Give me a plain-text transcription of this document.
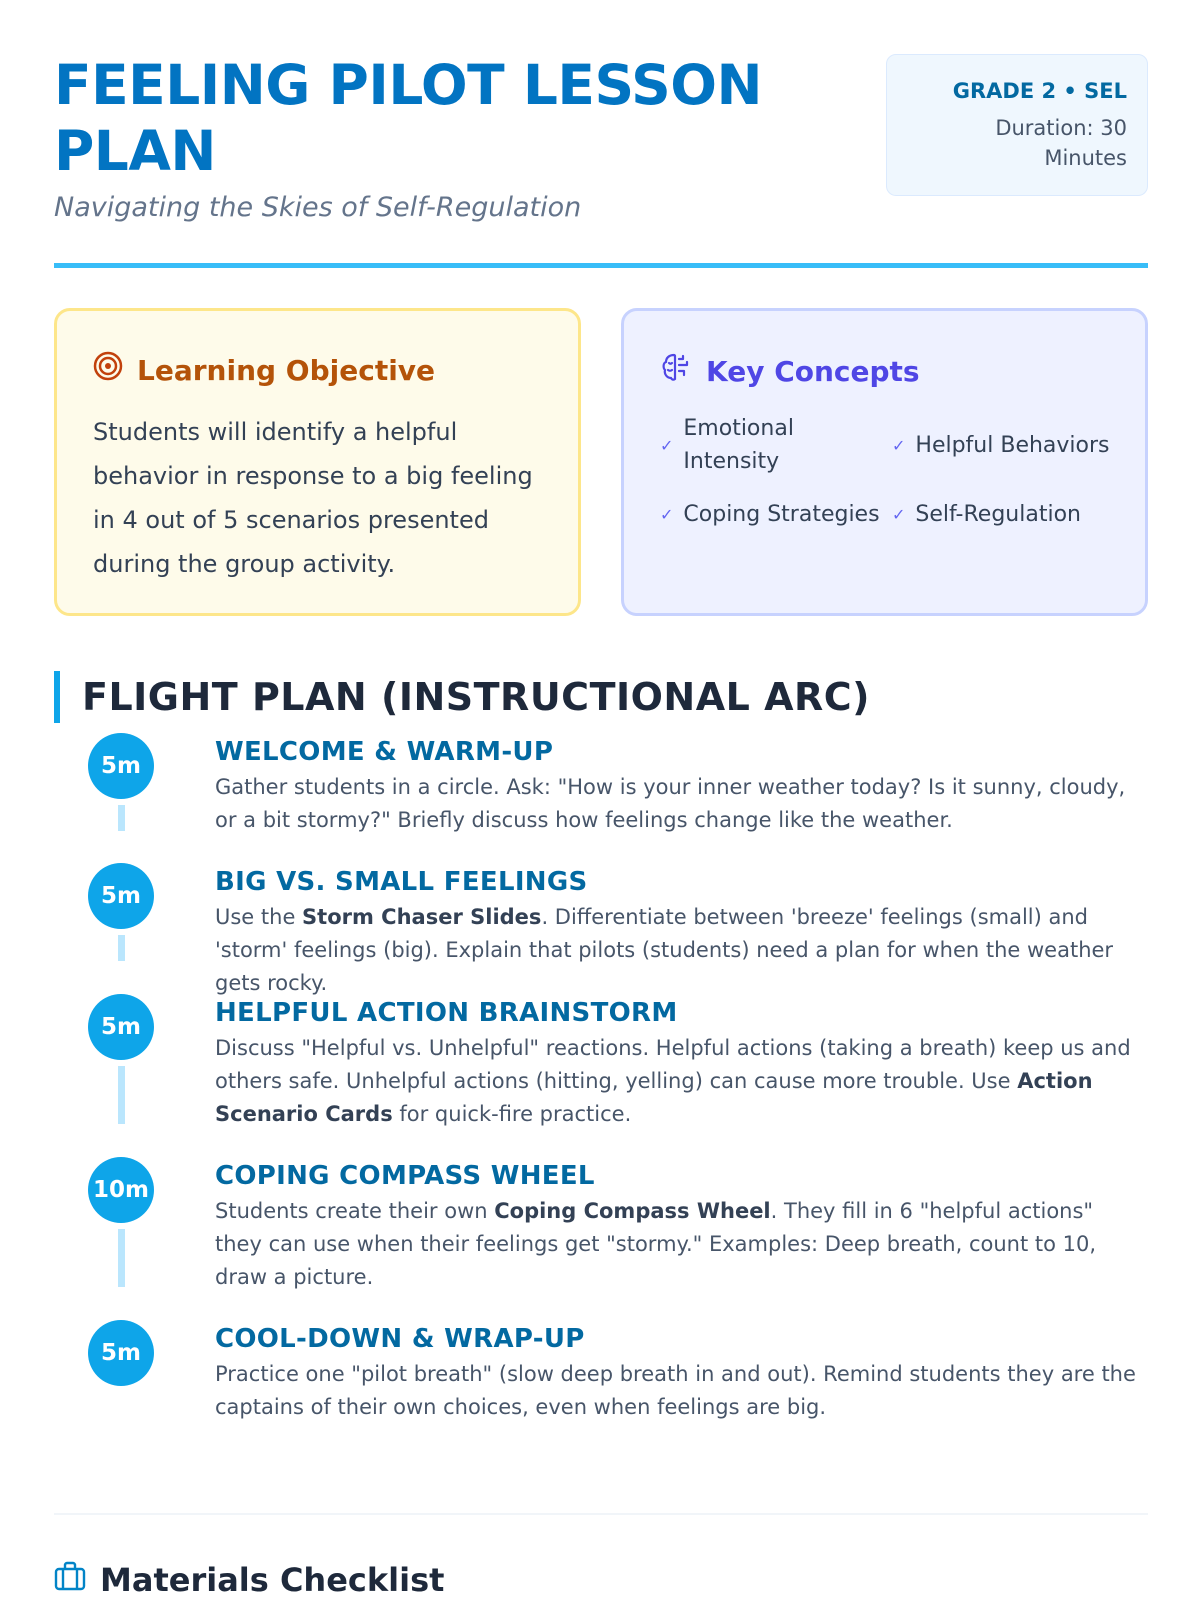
FEELING PILOT LESSON PLAN
Navigating the Skies of Self-Regulation
GRADE 2 • SEL
Duration: 30 Minutes
Learning Objective

Students will identify a helpful behavior in response to a big feeling in 4 out of 5 scenarios presented during the group activity.

Key Concepts
✓
Emotional Intensity
✓ Helpful Behaviors
✓ Coping Strategies ✓ Self-Regulation
FLIGHT PLAN (INSTRUCTIONAL ARC)
5m	WELCOME & WARM-UP
Gather students in a circle. Ask: "How is your inner weather today? Is it sunny, cloudy, or a bit stormy?" Briefly discuss how feelings change like the weather.
5m	BIG VS. SMALL FEELINGS
Use the Storm Chaser Slides. Differentiate between 'breeze' feelings (small) and 'storm' feelings (big). Explain that pilots (students) need a plan for when the weather gets rocky.
5m	HELPFUL ACTION BRAINSTORM
Discuss "Helpful vs. Unhelpful" reactions. Helpful actions (taking a breath) keep us and others safe. Unhelpful actions (hitting, yelling) can cause more trouble. Use Action Scenario Cards for quick-fire practice.
10m	COPING COMPASS WHEEL
Students create their own Coping Compass Wheel. They fill in 6 "helpful actions" they can use when their feelings get "stormy." Examples: Deep breath, count to 10, draw a picture.
5m	COOL-DOWN & WRAP-UP
Practice one "pilot breath" (slow deep breath in and out). Remind students they are the captains of their own choices, even when feelings are big.
Materials Checklist
